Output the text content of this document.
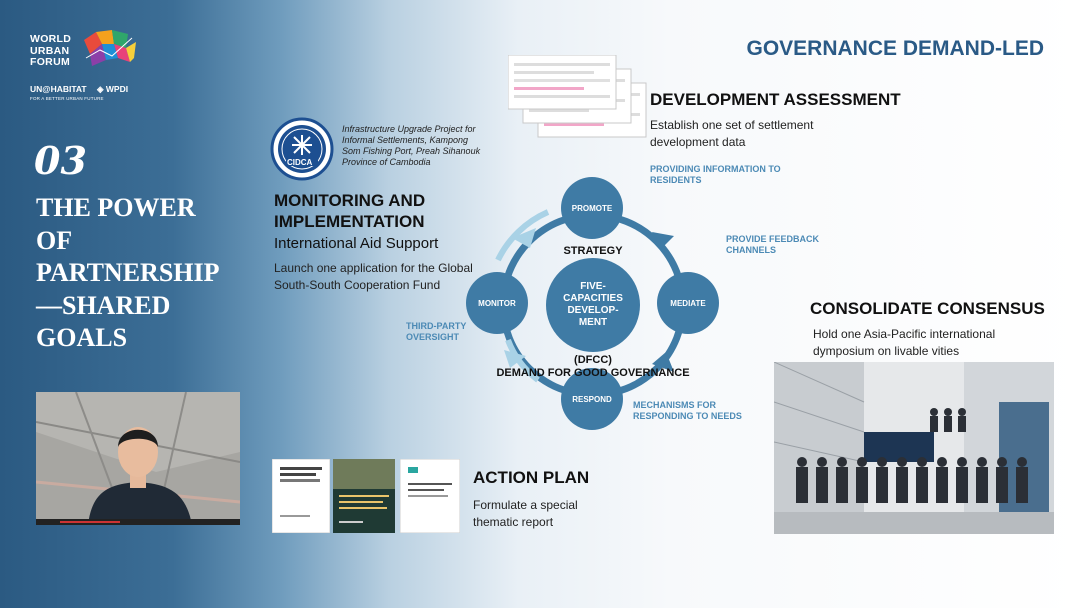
WORLD
URBAN
FORUM
UN@HABITAT ◈ WPDI
FOR A BETTER URBAN FUTURE
03
THE POWER OF PARTNERSHIP—SHARED GOALS
GOVERNANCE DEMAND-LED
DEVELOPMENT ASSESSMENT
Establish one set of settlement development data
CIDCA
Infrastructure Upgrade Project for Informal Settlements, Kampong Som Fishing Port, Preah Sihanouk Province of Cambodia
MONITORING AND
IMPLEMENTATION
International Aid Support
Launch one application for the Global South-South Cooperation Fund
PROMOTE
MEDIATE
RESPOND
MONITOR
STRATEGY
FIVE-CAPACITIES DEVELOP-MENT
(DFCC)
DEMAND FOR GOOD GOVERNANCE
PROVIDING INFORMATION TO RESIDENTS
PROVIDE FEEDBACK CHANNELS
MECHANISMS FOR RESPONDING TO NEEDS
THIRD-PARTY OVERSIGHT
CONSOLIDATE CONSENSUS
Hold one Asia-Pacific international dymposium on livable vities
ACTION PLAN
Formulate a special thematic report
